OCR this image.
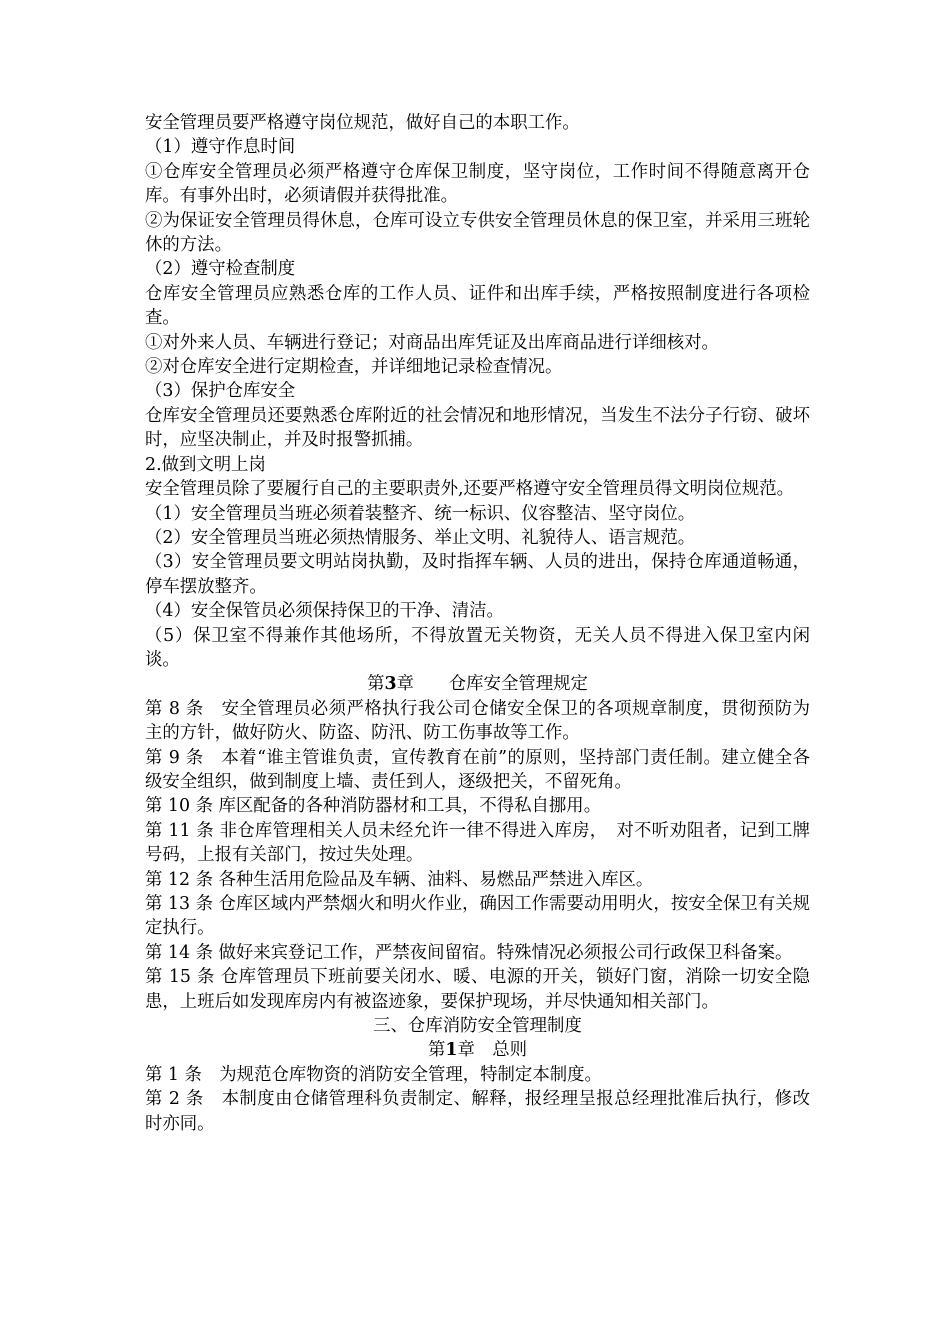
安全管理员要严格遵守岗位规范，做好自己的本职工作。

（1）遵守作息时间

①仓库安全管理员必须严格遵守仓库保卫制度，坚守岗位，工作时间不得随意离开仓库。有事外出时，必须请假并获得批准。

②为保证安全管理员得休息，仓库可设立专供安全管理员休息的保卫室，并采用三班轮休的方法。

（2）遵守检查制度

仓库安全管理员应熟悉仓库的工作人员、证件和出库手续，严格按照制度进行各项检查。

①对外来人员、车辆进行登记；对商品出库凭证及出库商品进行详细核对。

②对仓库安全进行定期检查，并详细地记录检查情况。

（3）保护仓库安全

仓库安全管理员还要熟悉仓库附近的社会情况和地形情况，当发生不法分子行窃、破坏时，应坚决制止，并及时报警抓捕。

2.做到文明上岗

安全管理员除了要履行自己的主要职责外,还要严格遵守安全管理员得文明岗位规范。

（1）安全管理员当班必须着装整齐、统一标识、仪容整洁、坚守岗位。

（2）安全管理员当班必须热情服务、举止文明、礼貌待人、语言规范。

（3）安全管理员要文明站岗执勤，及时指挥车辆、人员的进出，保持仓库通道畅通，停车摆放整齐。

（4）安全保管员必须保持保卫的干净、清洁。

（5）保卫室不得兼作其他场所，不得放置无关物资，无关人员不得进入保卫室内闲谈。

第3章　　仓库安全管理规定

第 8 条　安全管理员必须严格执行我公司仓储安全保卫的各项规章制度，贯彻预防为主的方针，做好防火、防盗、防汛、防工伤事故等工作。

第 9 条　本着“谁主管谁负责，宣传教育在前”的原则，坚持部门责任制。建立健全各级安全组织，做到制度上墙、责任到人，逐级把关，不留死角。

第 10 条 库区配备的各种消防器材和工具，不得私自挪用。

第 11 条 非仓库管理相关人员未经允许一律不得进入库房，　对不听劝阻者，记到工牌号码，上报有关部门，按过失处理。

第 12 条 各种生活用危险品及车辆、油料、易燃品严禁进入库区。

第 13 条 仓库区域内严禁烟火和明火作业，确因工作需要动用明火，按安全保卫有关规定执行。

第 14 条 做好来宾登记工作，严禁夜间留宿。特殊情况必须报公司行政保卫科备案。

第 15 条 仓库管理员下班前要关闭水、暖、电源的开关，锁好门窗，消除一切安全隐患，上班后如发现库房内有被盗迹象，要保护现场，并尽快通知相关部门。

三、仓库消防安全管理制度

第1章　总则

第 1 条　为规范仓库物资的消防安全管理，特制定本制度。

第 2 条　本制度由仓储管理科负责制定、解释，报经理呈报总经理批准后执行，修改时亦同。
